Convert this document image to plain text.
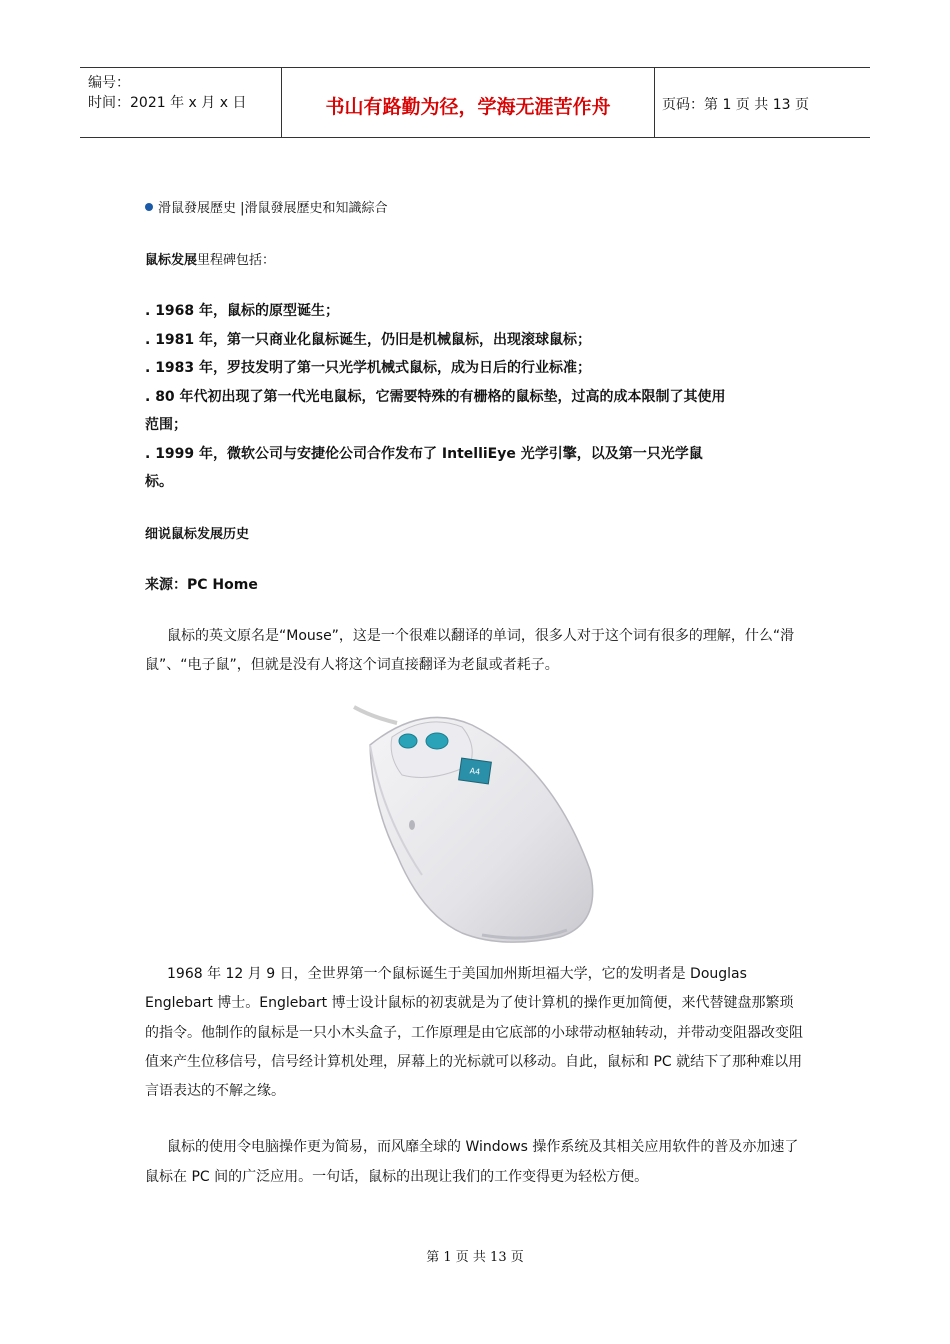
编号：
时间：2021 年 x 月 x 日	书山有路勤为径，学海无涯苦作舟	页码：第 1 页 共 13 页
滑鼠發展歷史 |滑鼠發展歷史和知識綜合
鼠标发展里程碑包括：
. 1968 年，鼠标的原型诞生；
. 1981 年，第一只商业化鼠标诞生，仍旧是机械鼠标，出现滚球鼠标；
. 1983 年，罗技发明了第一只光学机械式鼠标，成为日后的行业标准；
. 80 年代初出现了第一代光电鼠标，它需要特殊的有栅格的鼠标垫，过高的成本限制了其使用
范围；
. 1999 年，微软公司与安捷伦公司合作发布了 IntelliEye 光学引擎，以及第一只光学鼠
标。
细说鼠标发展历史
来源：PC Home
鼠标的英文原名是“Mouse”，这是一个很难以翻译的单词，很多人对于这个词有很多的理解，什么“滑鼠”、“电子鼠”，但就是没有人将这个词直接翻译为老鼠或者耗子。
A4
1968 年 12 月 9 日，全世界第一个鼠标诞生于美国加州斯坦福大学，它的发明者是 Douglas Englebart 博士。Englebart 博士设计鼠标的初衷就是为了使计算机的操作更加简便，来代替键盘那繁琐的指令。他制作的鼠标是一只小木头盒子，工作原理是由它底部的小球带动枢轴转动，并带动变阻器改变阻值来产生位移信号，信号经计算机处理，屏幕上的光标就可以移动。自此，鼠标和 PC 就结下了那种难以用言语表达的不解之缘。
鼠标的使用令电脑操作更为简易，而风靡全球的 Windows 操作系统及其相关应用软件的普及亦加速了鼠标在 PC 间的广泛应用。一句话，鼠标的出现让我们的工作变得更为轻松方便。
第 1 页 共 13 页
